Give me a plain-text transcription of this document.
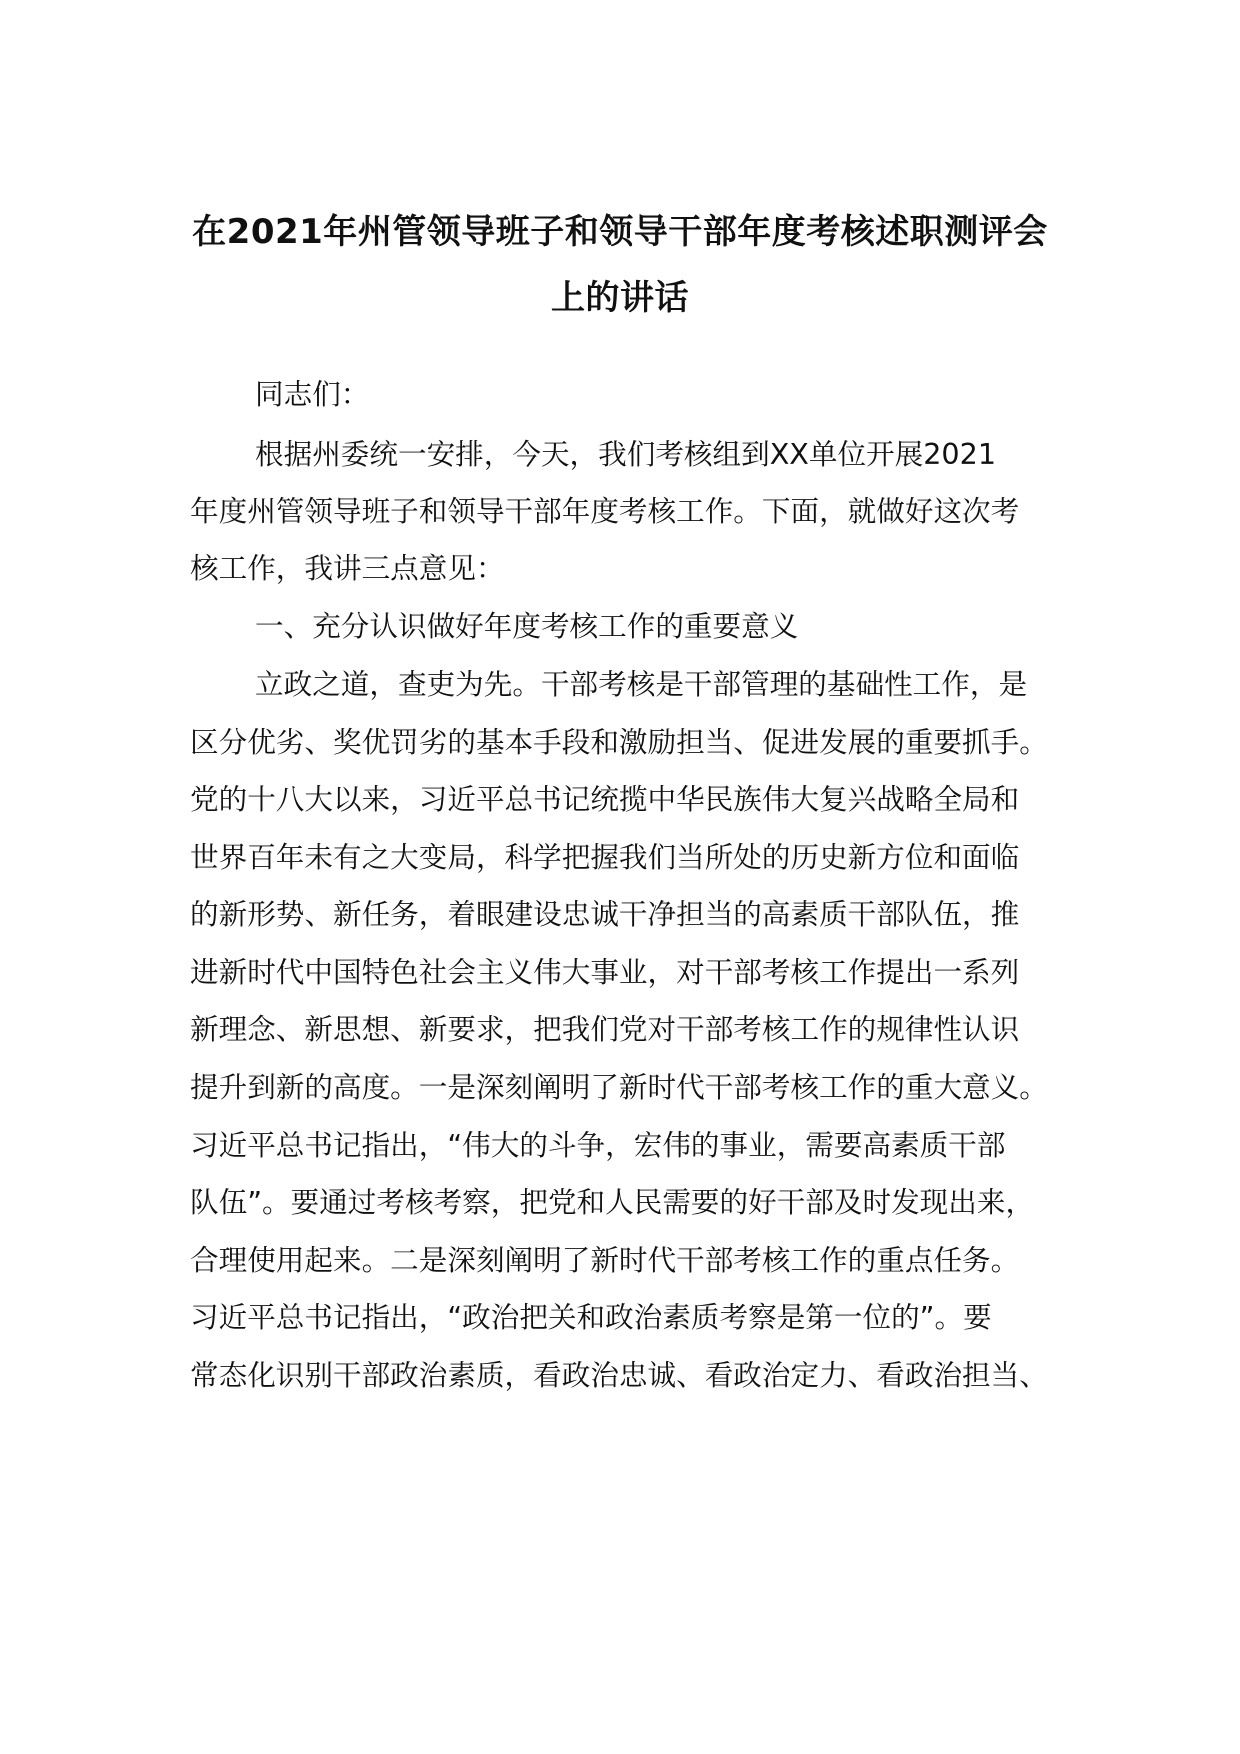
在2021年州管领导班子和领导干部年度考核述职测评会
上的讲话
同志们：
根据州委统一安排，今天，我们考核组到XX单位开展2021
年度州管领导班子和领导干部年度考核工作。下面，就做好这次考
核工作，我讲三点意见：
一、充分认识做好年度考核工作的重要意义
立政之道，查吏为先。干部考核是干部管理的基础性工作，是
区分优劣、奖优罚劣的基本手段和激励担当、促进发展的重要抓手。
党的十八大以来，习近平总书记统揽中华民族伟大复兴战略全局和
世界百年未有之大变局，科学把握我们当所处的历史新方位和面临
的新形势、新任务，着眼建设忠诚干净担当的高素质干部队伍，推
进新时代中国特色社会主义伟大事业，对干部考核工作提出一系列
新理念、新思想、新要求，把我们党对干部考核工作的规律性认识
提升到新的高度。一是深刻阐明了新时代干部考核工作的重大意义。
习近平总书记指出，“伟大的斗争，宏伟的事业，需要高素质干部
队伍”。要通过考核考察，把党和人民需要的好干部及时发现出来，
合理使用起来。二是深刻阐明了新时代干部考核工作的重点任务。
习近平总书记指出，“政治把关和政治素质考察是第一位的”。要
常态化识别干部政治素质，看政治忠诚、看政治定力、看政治担当、
